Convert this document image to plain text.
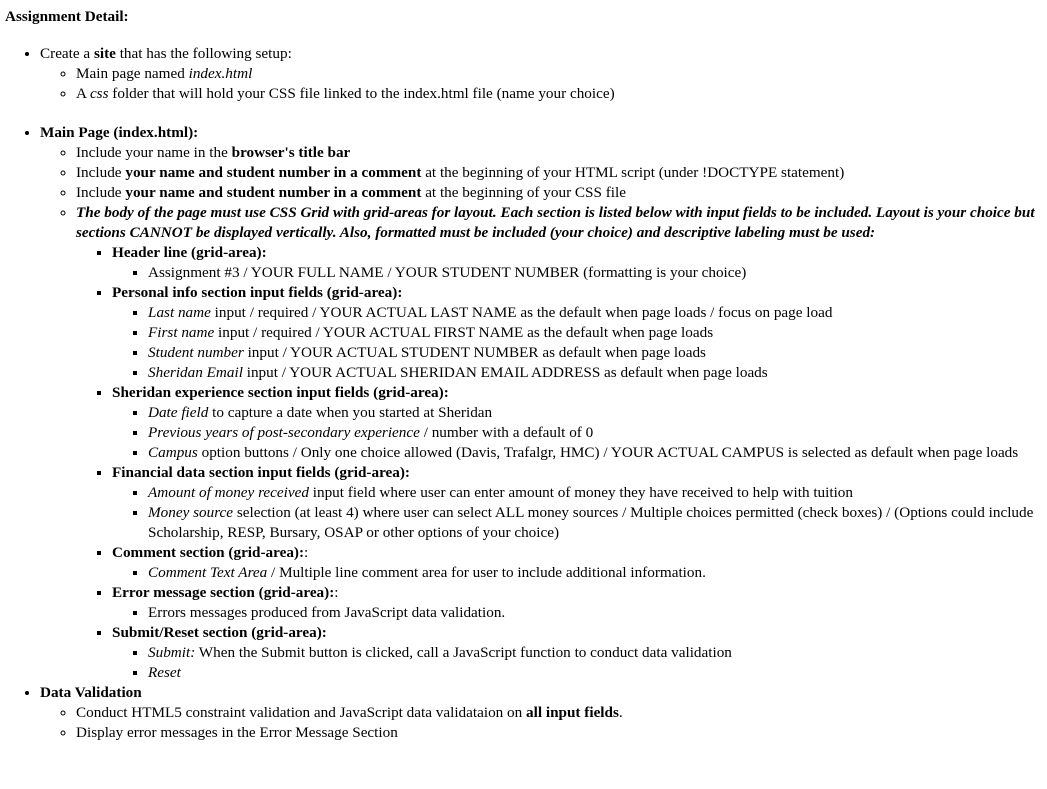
Assignment Detail:
• Create a site that has the following setup:
◦ Main page named index.html
◦ A css folder that will hold your CSS file linked to the index.html file (name your choice)
• Main Page (index.html):
◦ Include your name in the browser's title bar
◦ Include your name and student number in a comment at the beginning of your HTML script (under !DOCTYPE statement)
◦ Include your name and student number in a comment at the beginning of your CSS file
◦ The body of the page must use CSS Grid with grid-areas for layout. Each section is listed below with input fields to be included. Layout is your choice but sections CANNOT be displayed vertically. Also, formatted must be included (your choice) and descriptive labeling must be used:
▪ Header line (grid-area):
▪ Assignment #3 / YOUR FULL NAME / YOUR STUDENT NUMBER (formatting is your choice)
▪ Personal info section input fields (grid-area):
▪ Last name input / required / YOUR ACTUAL LAST NAME as the default when page loads / focus on page load
▪ First name input / required / YOUR ACTUAL FIRST NAME as the default when page loads
▪ Student number input / YOUR ACTUAL STUDENT NUMBER as default when page loads
▪ Sheridan Email input / YOUR ACTUAL SHERIDAN EMAIL ADDRESS as default when page loads
▪ Sheridan experience section input fields (grid-area):
▪ Date field to capture a date when you started at Sheridan
▪ Previous years of post-secondary experience / number with a default of 0
▪ Campus option buttons / Only one choice allowed (Davis, Trafalgr, HMC) / YOUR ACTUAL CAMPUS is selected as default when page loads
▪ Financial data section input fields (grid-area):
▪ Amount of money received input field where user can enter amount of money they have received to help with tuition
▪ Money source selection (at least 4) where user can select ALL money sources / Multiple choices permitted (check boxes) / (Options could include Scholarship, RESP, Bursary, OSAP or other options of your choice)
▪ Comment section (grid-area)::
▪ Comment Text Area / Multiple line comment area for user to include additional information.
▪ Error message section (grid-area)::
▪ Errors messages produced from JavaScript data validation.
▪ Submit/Reset section (grid-area):
▪ Submit: When the Submit button is clicked, call a JavaScript function to conduct data validation
▪ Reset
• Data Validation
◦ Conduct HTML5 constraint validation and JavaScript data validataion on all input fields.
◦ Display error messages in the Error Message Section
